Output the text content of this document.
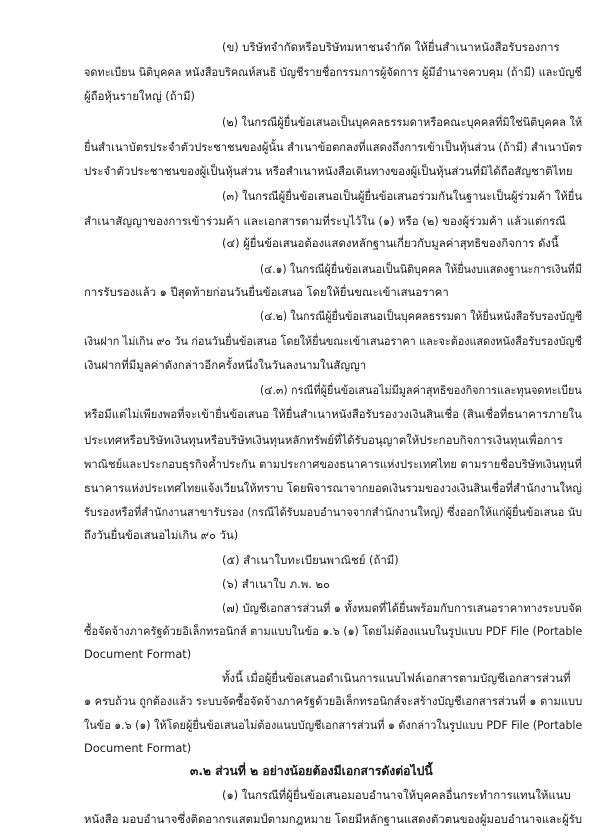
(ข) บริษัทจำกัดหรือบริษัทมหาชนจำกัด ให้ยื่นสำเนาหนังสือรับรองการ
จดทะเบียน นิติบุคคล หนังสือบริคณห์สนธิ บัญชีรายชื่อกรรมการผู้จัดการ ผู้มีอำนาจควบคุม (ถ้ามี) และบัญชี
ผู้ถือหุ้นรายใหญ่ (ถ้ามี)
(๒) ในกรณีผู้ยื่นข้อเสนอเป็นบุคคลธรรมดาหรือคณะบุคคลที่มิใช่นิติบุคคล ให้
ยื่นสำเนาบัตรประจำตัวประชาชนของผู้นั้น สำเนาข้อตกลงที่แสดงถึงการเข้าเป็นหุ้นส่วน (ถ้ามี) สำเนาบัตร
ประจำตัวประชาชนของผู้เป็นหุ้นส่วน หรือสำเนาหนังสือเดินทางของผู้เป็นหุ้นส่วนที่มิได้ถือสัญชาติไทย
(๓) ในกรณีผู้ยื่นข้อเสนอเป็นผู้ยื่นข้อเสนอร่วมกันในฐานะเป็นผู้ร่วมค้า ให้ยื่น
สำเนาสัญญาของการเข้าร่วมค้า และเอกสารตามที่ระบุไว้ใน (๑) หรือ (๒) ของผู้ร่วมค้า แล้วแต่กรณี
(๔) ผู้ยื่นข้อเสนอต้องแสดงหลักฐานเกี่ยวกับมูลค่าสุทธิของกิจการ ดังนี้
(๔.๑) ในกรณีผู้ยื่นข้อเสนอเป็นนิติบุคคล ให้ยื่นงบแสดงฐานะการเงินที่มี
การรับรองแล้ว ๑ ปีสุดท้ายก่อนวันยื่นข้อเสนอ โดยให้ยื่นขณะเข้าเสนอราคา
(๔.๒) ในกรณีผู้ยื่นข้อเสนอเป็นบุคคลธรรมดา ให้ยื่นหนังสือรับรองบัญชี
เงินฝาก ไม่เกิน ๙๐ วัน ก่อนวันยื่นข้อเสนอ โดยให้ยื่นขณะเข้าเสนอราคา และจะต้องแสดงหนังสือรับรองบัญชี
เงินฝากที่มีมูลค่าดังกล่าวอีกครั้งหนึ่งในวันลงนามในสัญญา
(๔.๓) กรณีที่ผู้ยื่นข้อเสนอไม่มีมูลค่าสุทธิของกิจการและทุนจดทะเบียน
หรือมีแต่ไม่เพียงพอที่จะเข้ายื่นข้อเสนอ ให้ยื่นสำเนาหนังสือรับรองวงเงินสินเชื่อ (สินเชื่อที่ธนาคารภายใน
ประเทศหรือบริษัทเงินทุนหรือบริษัทเงินทุนหลักทรัพย์ที่ได้รับอนุญาตให้ประกอบกิจการเงินทุนเพื่อการ
พาณิชย์และประกอบธุรกิจค้ำประกัน ตามประกาศของธนาคารแห่งประเทศไทย ตามรายชื่อบริษัทเงินทุนที่
ธนาคารแห่งประเทศไทยแจ้งเวียนให้ทราบ โดยพิจารณาจากยอดเงินรวมของวงเงินสินเชื่อที่สำนักงานใหญ่
รับรองหรือที่สำนักงานสาขารับรอง (กรณีได้รับมอบอำนาจจากสำนักงานใหญ่) ซึ่งออกให้แก่ผู้ยื่นข้อเสนอ นับ
ถึงวันยื่นข้อเสนอไม่เกิน ๙๐ วัน)
(๕) สำเนาใบทะเบียนพาณิชย์ (ถ้ามี)
(๖) สำเนาใบ ภ.พ. ๒๐
(๗) บัญชีเอกสารส่วนที่ ๑ ทั้งหมดที่ได้ยื่นพร้อมกับการเสนอราคาทางระบบจัด
ซื้อจัดจ้างภาครัฐด้วยอิเล็กทรอนิกส์ ตามแบบในข้อ ๑.๖ (๑) โดยไม่ต้องแนบในรูปแบบ PDF File (Portable
Document Format)
ทั้งนี้ เมื่อผู้ยื่นข้อเสนอดำเนินการแนบไฟล์เอกสารตามบัญชีเอกสารส่วนที่
๑ ครบถ้วน ถูกต้องแล้ว ระบบจัดซื้อจัดจ้างภาครัฐด้วยอิเล็กทรอนิกส์จะสร้างบัญชีเอกสารส่วนที่ ๑ ตามแบบ
ในข้อ ๑.๖ (๑) ให้โดยผู้ยื่นข้อเสนอไม่ต้องแนบบัญชีเอกสารส่วนที่ ๑ ดังกล่าวในรูปแบบ PDF File (Portable
Document Format)
๓.๒ ส่วนที่ ๒ อย่างน้อยต้องมีเอกสารดังต่อไปนี้
(๑) ในกรณีที่ผู้ยื่นข้อเสนอมอบอำนาจให้บุคคลอื่นกระทำการแทนให้แนบ
หนังสือ มอบอำนาจซึ่งติดอากรแสตมป์ตามกฎหมาย โดยมีหลักฐานแสดงตัวตนของผู้มอบอำนาจและผู้รับ
